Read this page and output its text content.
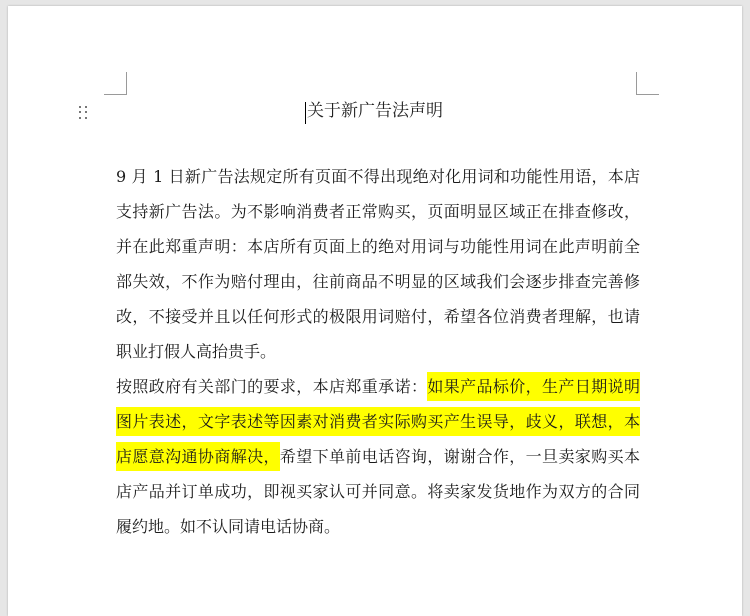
关于新广告法声明

9 月 1 日新广告法规定所有页面不得出现绝对化用词和功能性用语，本店支持新广告法。为不影响消费者正常购买，页面明显区域正在排查修改，并在此郑重声明：本店所有页面上的绝对用词与功能性用词在此声明前全部失效，不作为赔付理由，往前商品不明显的区域我们会逐步排查完善修改，不接受并且以任何形式的极限用词赔付，希望各位消费者理解，也请职业打假人高抬贵手。

按照政府有关部门的要求，本店郑重承诺：如果产品标价，生产日期说明图片表述，文字表述等因素对消费者实际购买产生误导，歧义，联想，本店愿意沟通协商解决，希望下单前电话咨询，谢谢合作，一旦卖家购买本店产品并订单成功，即视买家认可并同意。将卖家发货地作为双方的合同履约地。如不认同请电话协商。
